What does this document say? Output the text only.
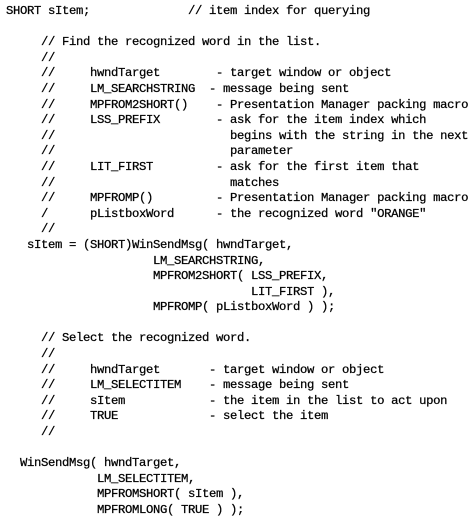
SHORT sItem;              // item index for querying
// Find the recognized word in the list.
//
//     hwndTarget        - target window or object
//     LM_SEARCHSTRING  - message being sent
//     MPFROM2SHORT()    - Presentation Manager packing macro
//     LSS_PREFIX        - ask for the item index which
//                         begins with the string in the next
//                         parameter
//     LIT_FIRST         - ask for the first item that
//                         matches
//     MPFROMP()         - Presentation Manager packing macro
/      pListboxWord      - the recognized word "ORANGE"
//
sItem = (SHORT)WinSendMsg( hwndTarget,
LM_SEARCHSTRING,
MPFROM2SHORT( LSS_PREFIX,
LIT_FIRST ),
MPFROMP( pListboxWord ) );
// Select the recognized word.
//
//     hwndTarget       - target window or object
//     LM_SELECTITEM    - message being sent
//     sItem            - the item in the list to act upon
//     TRUE             - select the item
//
WinSendMsg( hwndTarget,
LM_SELECTITEM,
MPFROMSHORT( sItem ),
MPFROMLONG( TRUE ) );
